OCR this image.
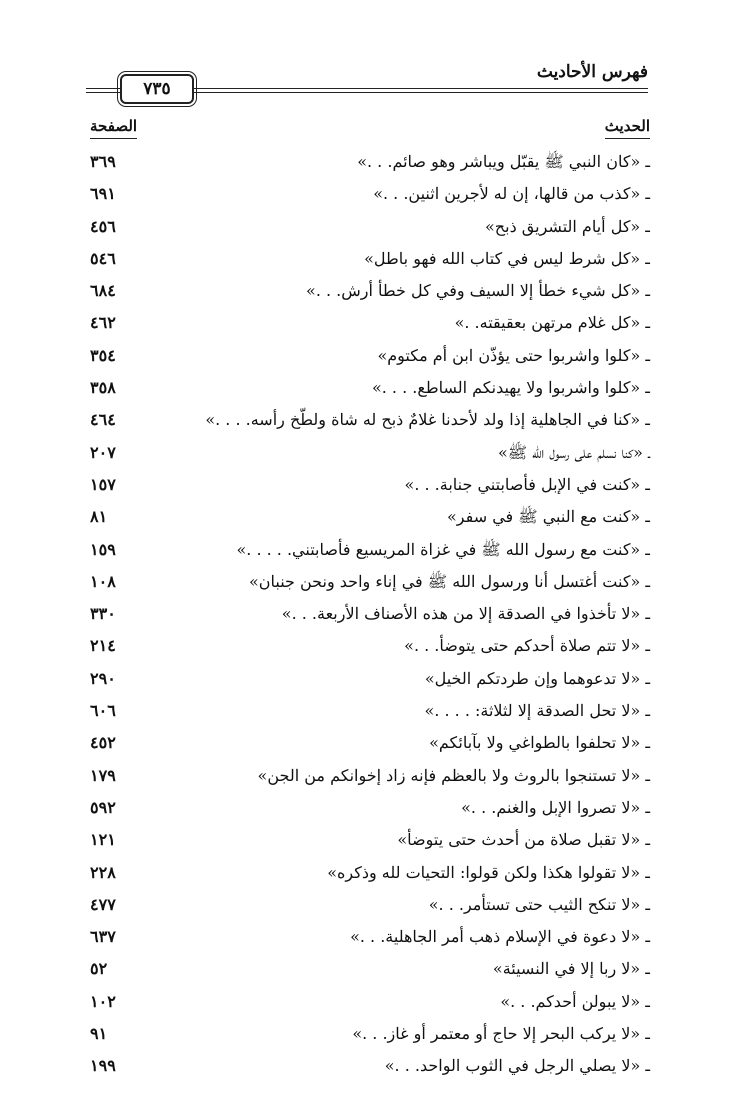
٧٣٥
فهرس الأحاديث
الحديث
الصفحة
ـ «كان النبي ﷺ يقبّل ويباشر وهو صائم. . .»
٣٦٩
ـ «كذب من قالها، إن له لأجرين اثنين. . .»
٦٩١
ـ «كل أيام التشريق ذبح»
٤٥٦
ـ «كل شرط ليس في كتاب الله فهو باطل»
٥٤٦
ـ «كل شيء خطأ إلا السيف وفي كل خطأ أرش. . .»
٦٨٤
ـ «كل غلام مرتهن بعقيقته. .»
٤٦٢
ـ «كلوا واشربوا حتى يؤذّن ابن أم مكتوم»
٣٥٤
ـ «كلوا واشربوا ولا يهيدنكم الساطع. . . .»
٣٥٨
ـ «كنا في الجاهلية إذا ولد لأحدنا غلامٌ ذبح له شاة ولطّخ رأسه. . . .»
٤٦٤
ـ «كنا نسلم على رسول الله ﷺ»
٢٠٧
ـ «كنت في الإبل فأصابتني جنابة. . .»
١٥٧
ـ «كنت مع النبي ﷺ في سفر»
٨١
ـ «كنت مع رسول الله ﷺ في غزاة المريسيع فأصابتني. . . . .»
١٥٩
ـ «كنت أغتسل أنا ورسول الله ﷺ في إناء واحد ونحن جنبان»
١٠٨
ـ «لا تأخذوا في الصدقة إلا من هذه الأصناف الأربعة. . .»
٣٣٠
ـ «لا تتم صلاة أحدكم حتى يتوضأ. . .»
٢١٤
ـ «لا تدعوهما وإن طردتكم الخيل»
٢٩٠
ـ «لا تحل الصدقة إلا لثلاثة: . . . .»
٦٠٦
ـ «لا تحلفوا بالطواغي ولا بآبائكم»
٤٥٢
ـ «لا تستنجوا بالروث ولا بالعظم فإنه زاد إخوانكم من الجن»
١٧٩
ـ «لا تصروا الإبل والغنم. . .»
٥٩٢
ـ «لا تقبل صلاة من أحدث حتى يتوضأ»
١٢١
ـ «لا تقولوا هكذا ولكن قولوا: التحيات لله وذكره»
٢٢٨
ـ «لا تنكح الثيب حتى تستأمر. . .»
٤٧٧
ـ «لا دعوة في الإسلام ذهب أمر الجاهلية. . .»
٦٣٧
ـ «لا ربا إلا في النسيئة»
٥٢
ـ «لا يبولن أحدكم. . .»
١٠٢
ـ «لا يركب البحر إلا حاج أو معتمر أو غاز. . .»
٩١
ـ «لا يصلي الرجل في الثوب الواحد. . .»
١٩٩
